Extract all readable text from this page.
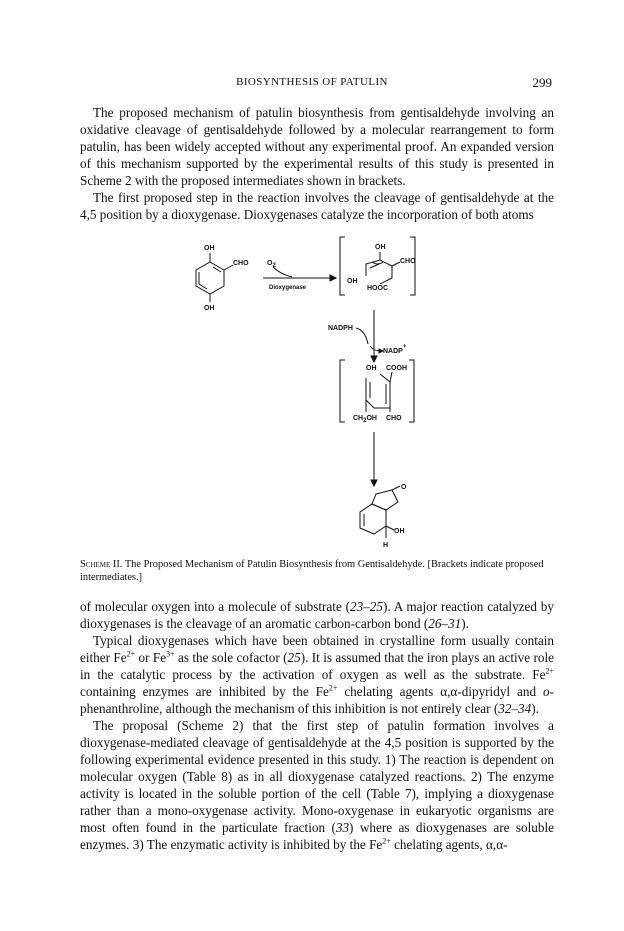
BIOSYNTHESIS OF PATULIN	299

The proposed mechanism of patulin biosynthesis from gentisaldehyde involving an oxidative cleavage of gentisaldehyde followed by a molecular rearrangement to form patulin, has been widely accepted without any experimental proof. An expanded version of this mechanism supported by the experimental results of this study is presented in Scheme 2 with the proposed intermediates shown in brackets.

The first proposed step in the reaction involves the cleavage of gentisaldehyde at the 4,5 position by a dioxygenase. Dioxygenases catalyze the incorporation of both atoms

OH
CHO
OH
O2
Dioxygenase
OH
CHO
OH
HOOC
NADPH
NADP+
OH COOH
CH2OH CHO
O
OH
H
Scheme II. The Proposed Mechanism of Patulin Biosynthesis from Gentisaldehyde. [Brackets indicate proposed intermediates.]

of molecular oxygen into a molecule of substrate (23–25). A major reaction catalyzed by dioxygenases is the cleavage of an aromatic carbon-carbon bond (26–31).

Typical dioxygenases which have been obtained in crystalline form usually contain either $Fe^{2+}$ or $Fe^{3+}$ as the sole cofactor (25). It is assumed that the iron plays an active role in the catalytic process by the activation of oxygen as well as the substrate. $Fe^{2+}$ containing enzymes are inhibited by the $Fe^{2+}$ chelating agents α,α-dipyridyl and o-phenanthroline, although the mechanism of this inhibition is not entirely clear (32–34).

The proposal (Scheme 2) that the first step of patulin formation involves a dioxygenase-mediated cleavage of gentisaldehyde at the 4,5 position is supported by the following experimental evidence presented in this study. 1) The reaction is dependent on molecular oxygen (Table 8) as in all dioxygenase catalyzed reactions. 2) The enzyme activity is located in the soluble portion of the cell (Table 7), implying a dioxygenase rather than a mono-oxygenase activity. Mono-oxygenase in eukaryotic organisms are most often found in the particulate fraction (33) where as dioxygenases are soluble enzymes. 3) The enzymatic activity is inhibited by the $Fe^{2+}$ chelating agents, α,α-
